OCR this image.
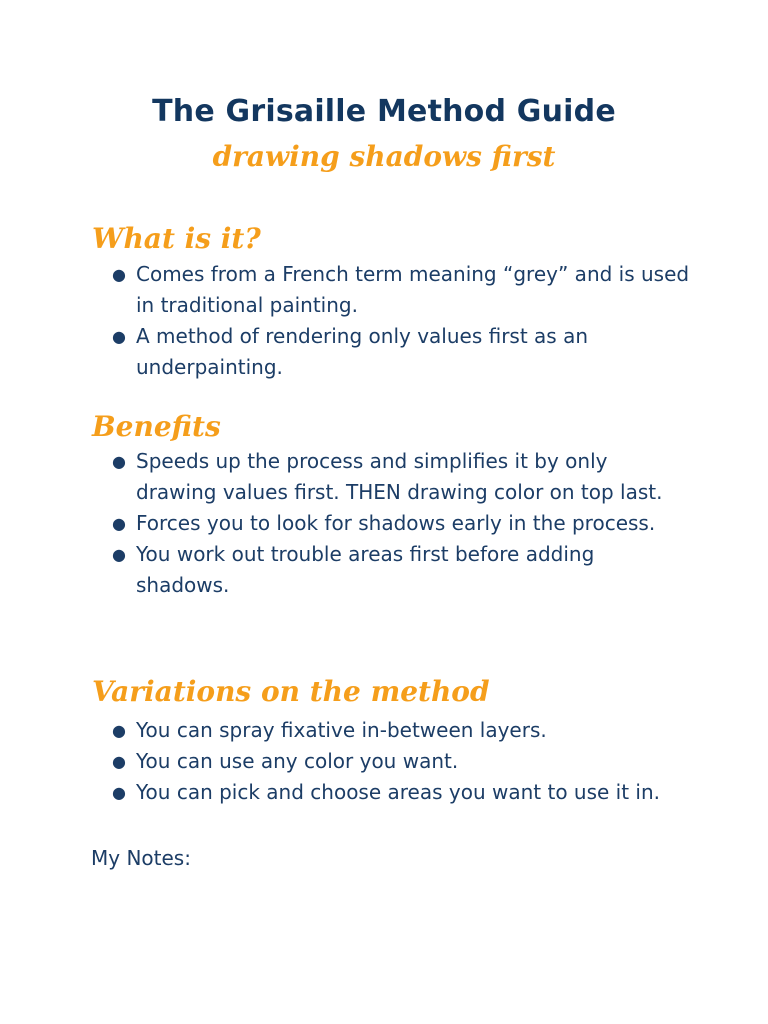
The Grisaille Method Guide
drawing shadows first
What is it?
● Comes from a French term meaning “grey” and is used in traditional painting.
● A method of rendering only values first as an underpainting.
Benefits
● Speeds up the process and simplifies it by only drawing values first. THEN drawing color on top last.
● Forces you to look for shadows early in the process.
● You work out trouble areas first before adding shadows.
Variations on the method
● You can spray fixative in-between layers.
● You can use any color you want.
● You can pick and choose areas you want to use it in.
My Notes:
